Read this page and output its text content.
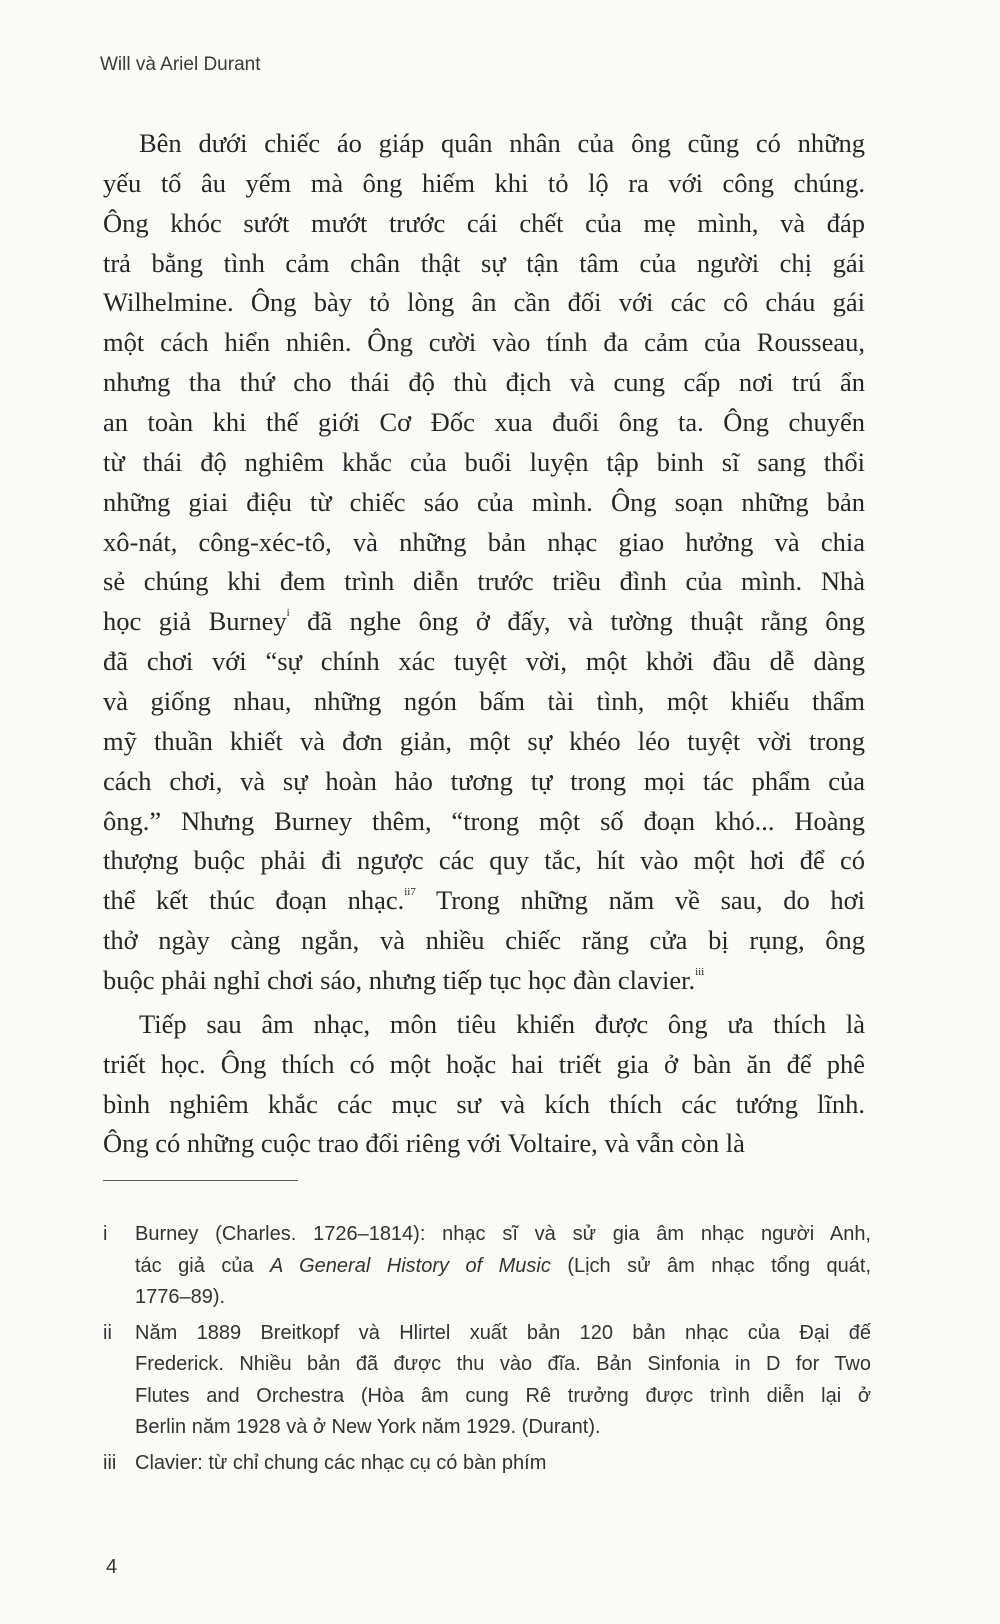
Will và Ariel Durant
Bên dưới chiếc áo giáp quân nhân của ông cũng có những
yếu tố âu yếm mà ông hiếm khi tỏ lộ ra với công chúng.
Ông khóc sướt mướt trước cái chết của mẹ mình, và đáp
trả bằng tình cảm chân thật sự tận tâm của người chị gái
Wilhelmine. Ông bày tỏ lòng ân cần đối với các cô cháu gái
một cách hiển nhiên. Ông cười vào tính đa cảm của Rousseau,
nhưng tha thứ cho thái độ thù địch và cung cấp nơi trú ẩn
an toàn khi thế giới Cơ Đốc xua đuổi ông ta. Ông chuyển
từ thái độ nghiêm khắc của buổi luyện tập binh sĩ sang thổi
những giai điệu từ chiếc sáo của mình. Ông soạn những bản
xô-nát, công-xéc-tô, và những bản nhạc giao hưởng và chia
sẻ chúng khi đem trình diễn trước triều đình của mình. Nhà
học giả Burney$^i$ đã nghe ông ở đấy, và tường thuật rằng ông
đã chơi với “sự chính xác tuyệt vời, một khởi đầu dễ dàng
và giống nhau, những ngón bấm tài tình, một khiếu thẩm
mỹ thuần khiết và đơn giản, một sự khéo léo tuyệt vời trong
cách chơi, và sự hoàn hảo tương tự trong mọi tác phẩm của
ông.” Nhưng Burney thêm, “trong một số đoạn khó... Hoàng
thượng buộc phải đi ngược các quy tắc, hít vào một hơi để có
thể kết thúc đoạn nhạc.$^{ii7}$ Trong những năm về sau, do hơi
thở ngày càng ngắn, và nhiều chiếc răng cửa bị rụng, ông
buộc phải nghỉ chơi sáo, nhưng tiếp tục học đàn clavier.$^{iii}$
Tiếp sau âm nhạc, môn tiêu khiển được ông ưa thích là
triết học. Ông thích có một hoặc hai triết gia ở bàn ăn để phê
bình nghiêm khắc các mục sư và kích thích các tướng lĩnh.
Ông có những cuộc trao đổi riêng với Voltaire, và vẫn còn là
i Burney (Charles. 1726–1814): nhạc sĩ và sử gia âm nhạc người Anh,
tác giả của A General History of Music (Lịch sử âm nhạc tổng quát,
1776–89).
ii Năm 1889 Breitkopf và Hlirtel xuất bản 120 bản nhạc của Đại đế
Frederick. Nhiều bản đã được thu vào đĩa. Bản Sinfonia in D for Two
Flutes and Orchestra (Hòa âm cung Rê trưởng được trình diễn lại ở
Berlin năm 1928 và ở New York năm 1929. (Durant).
iii Clavier: từ chỉ chung các nhạc cụ có bàn phím
4
